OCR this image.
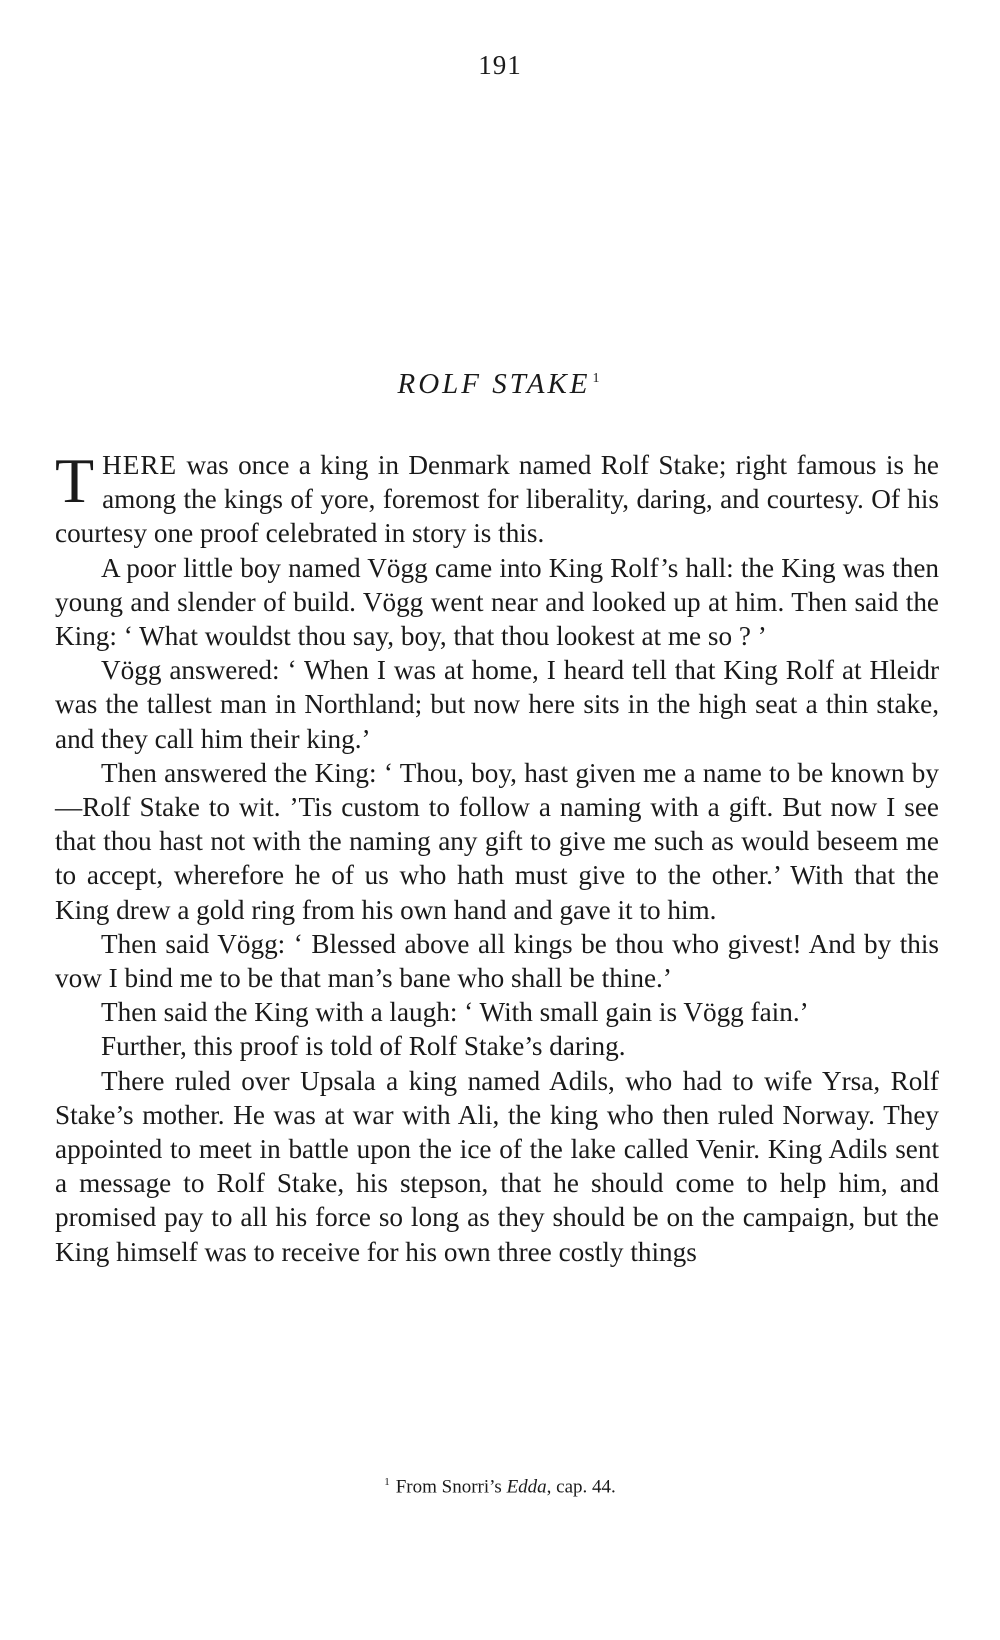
191
ROLF STAKE $^1$

THERE was once a king in Denmark named Rolf Stake; right famous is he among the kings of yore, foremost for liberality, daring, and courtesy. Of his courtesy one proof celebrated in story is this.

A poor little boy named Vögg came into King Rolf’s hall: the King was then young and slender of build. Vögg went near and looked up at him. Then said the King: ‘ What wouldst thou say, boy, that thou lookest at me so ? ’

Vögg answered: ‘ When I was at home, I heard tell that King Rolf at Hleidr was the tallest man in Northland; but now here sits in the high seat a thin stake, and they call him their king.’

Then answered the King: ‘ Thou, boy, hast given me a name to be known by—Rolf Stake to wit. ’Tis custom to follow a naming with a gift. But now I see that thou hast not with the naming any gift to give me such as would beseem me to accept, wherefore he of us who hath must give to the other.’ With that the King drew a gold ring from his own hand and gave it to him.

Then said Vögg: ‘ Blessed above all kings be thou who givest! And by this vow I bind me to be that man’s bane who shall be thine.’

Then said the King with a laugh: ‘ With small gain is Vögg fain.’

Further, this proof is told of Rolf Stake’s daring.

There ruled over Upsala a king named Adils, who had to wife Yrsa, Rolf Stake’s mother. He was at war with Ali, the king who then ruled Norway. They appointed to meet in battle upon the ice of the lake called Venir. King Adils sent a message to Rolf Stake, his stepson, that he should come to help him, and promised pay to all his force so long as they should be on the campaign, but the King himself was to receive for his own three costly things

$^1$ From Snorri’s Edda, cap. 44.
